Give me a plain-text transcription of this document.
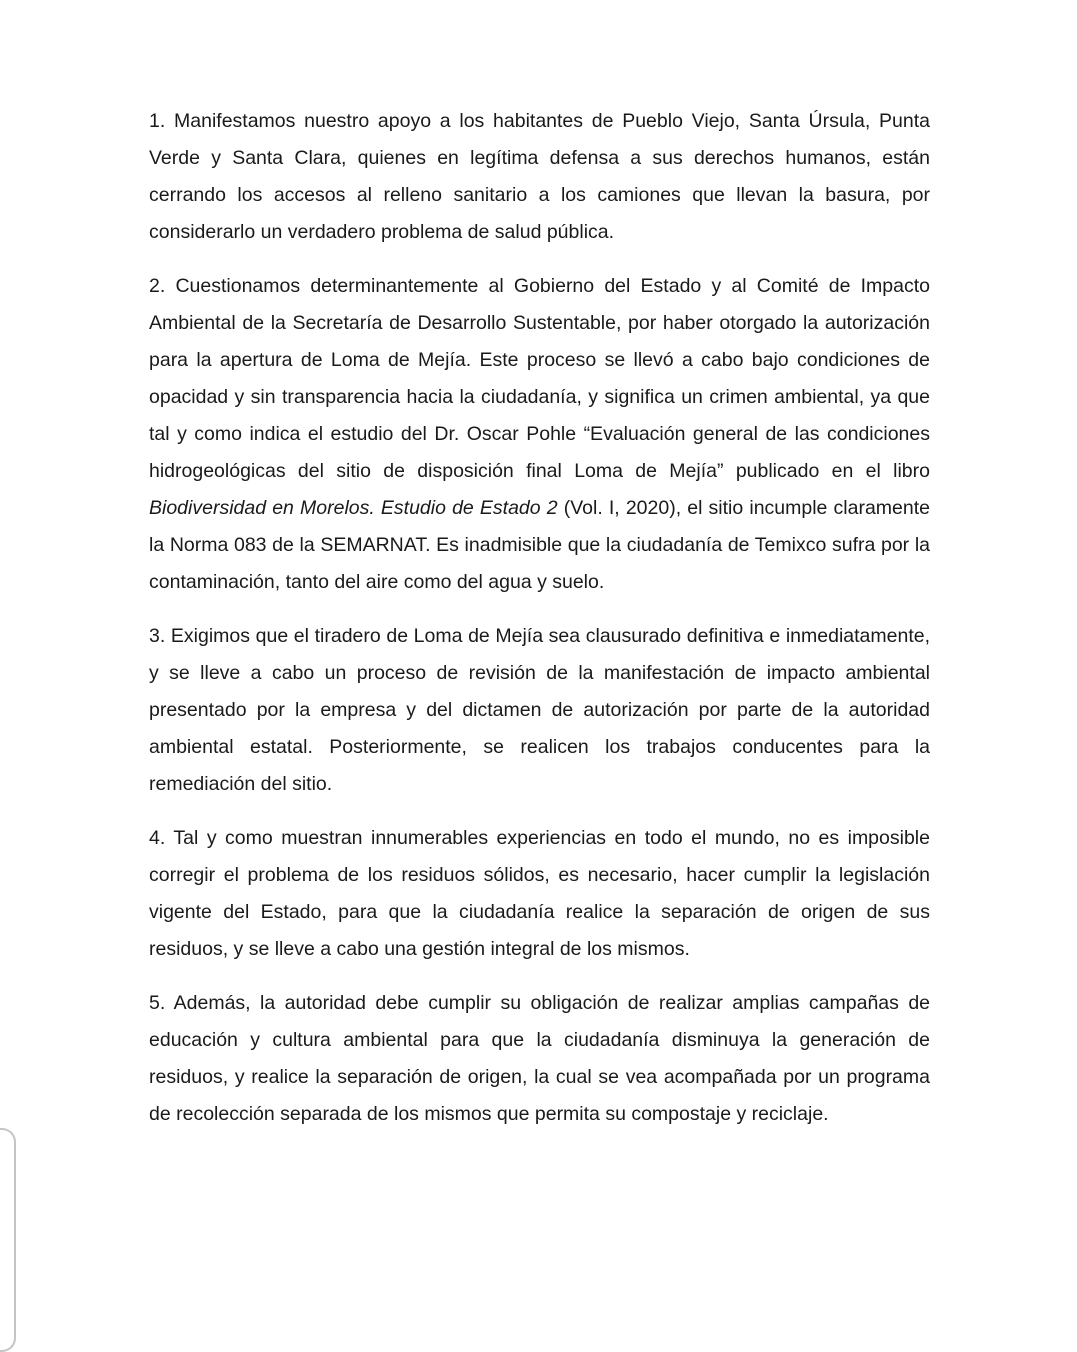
1. Manifestamos nuestro apoyo a los habitantes de Pueblo Viejo, Santa Úrsula, Punta Verde y Santa Clara, quienes en legítima defensa a sus derechos humanos, están cerrando los accesos al relleno sanitario a los camiones que llevan la basura, por considerarlo un verdadero problema de salud pública.

2. Cuestionamos determinantemente al Gobierno del Estado y al Comité de Impacto Ambiental de la Secretaría de Desarrollo Sustentable, por haber otorgado la autorización para la apertura de Loma de Mejía. Este proceso se llevó a cabo bajo condiciones de opacidad y sin transparencia hacia la ciudadanía, y significa un crimen ambiental, ya que tal y como indica el estudio del Dr. Oscar Pohle “Evaluación general de las condiciones hidrogeológicas del sitio de disposición final Loma de Mejía” publicado en el libro Biodiversidad en Morelos. Estudio de Estado 2 (Vol. I, 2020), el sitio incumple claramente la Norma 083 de la SEMARNAT. Es inadmisible que la ciudadanía de Temixco sufra por la contaminación, tanto del aire como del agua y suelo.

3. Exigimos que el tiradero de Loma de Mejía sea clausurado definitiva e inmediatamente, y se lleve a cabo un proceso de revisión de la manifestación de impacto ambiental presentado por la empresa y del dictamen de autorización por parte de la autoridad ambiental estatal. Posteriormente, se realicen los trabajos conducentes para la remediación del sitio.

4. Tal y como muestran innumerables experiencias en todo el mundo, no es imposible corregir el problema de los residuos sólidos, es necesario, hacer cumplir la legislación vigente del Estado, para que la ciudadanía realice la separación de origen de sus residuos, y se lleve a cabo una gestión integral de los mismos.

5. Además, la autoridad debe cumplir su obligación de realizar amplias campañas de educación y cultura ambiental para que la ciudadanía disminuya la generación de residuos, y realice la separación de origen, la cual se vea acompañada por un programa de recolección separada de los mismos que permita su compostaje y reciclaje.
